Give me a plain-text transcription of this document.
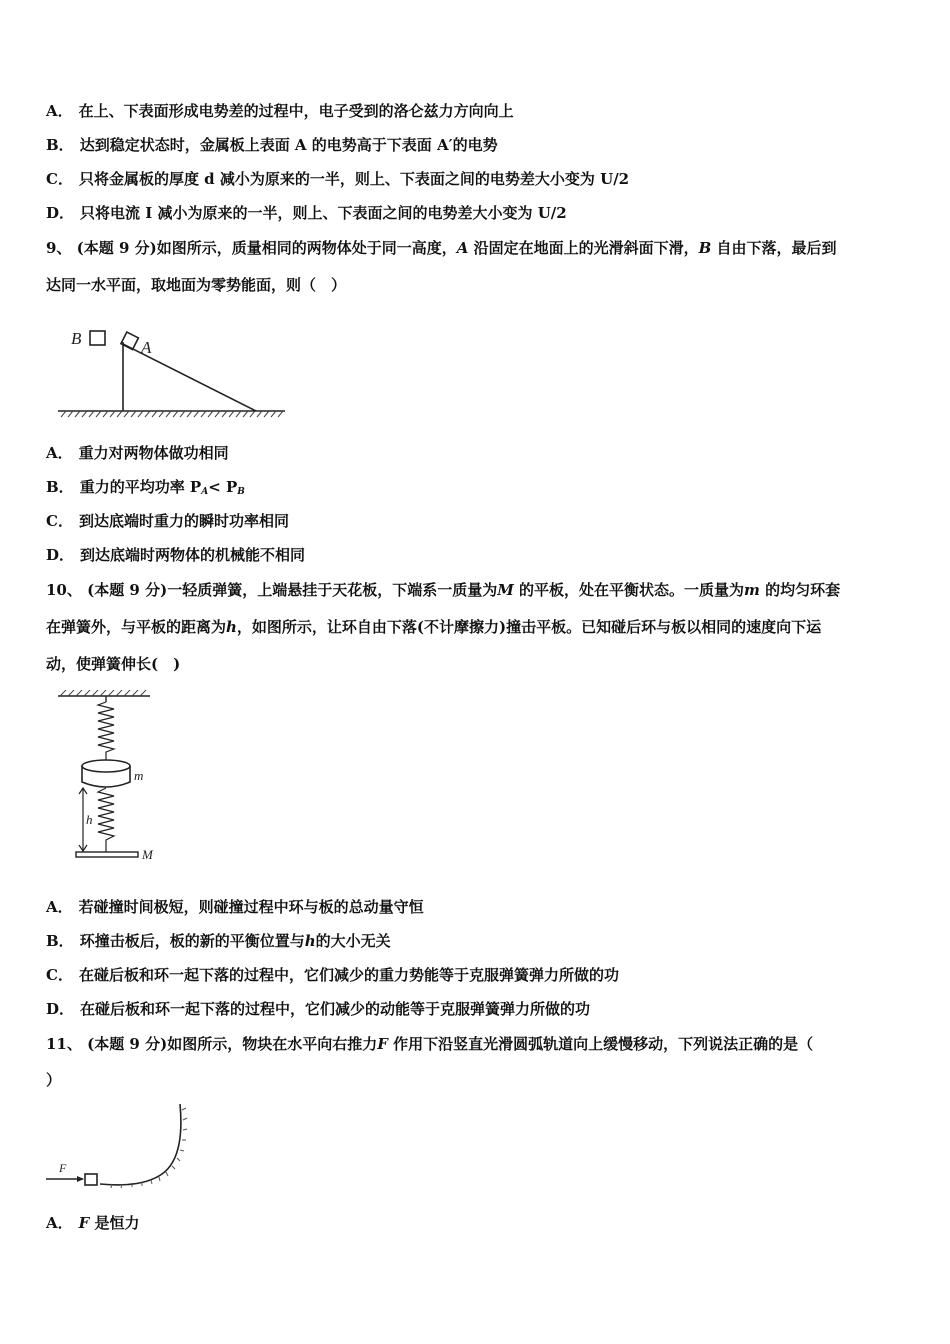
A． 在上、下表面形成电势差的过程中，电子受到的洛仑兹力方向向上
B． 达到稳定状态时，金属板上表面 A 的电势高于下表面 A′的电势
C． 只将金属板的厚度 d 减小为原来的一半，则上、下表面之间的电势差大小变为 U/2
D． 只将电流 I 减小为原来的一半，则上、下表面之间的电势差大小变为 U/2
9、 (本题 9 分)如图所示，质量相同的两物体处于同一高度，A 沿固定在地面上的光滑斜面下滑，B 自由下落，最后到
达同一水平面，取地面为零势能面，则（　）
B	A
A． 重力对两物体做功相同
B． 重力的平均功率 $P_A< P_B$
C． 到达底端时重力的瞬时功率相同
D． 到达底端时两物体的机械能不相同
10、 (本题 9 分)一轻质弹簧，上端悬挂于天花板，下端系一质量为M 的平板，处在平衡状态。一质量为m 的均匀环套
在弹簧外，与平板的距离为h，如图所示，让环自由下落(不计摩擦力)撞击平板。已知碰后环与板以相同的速度向下运
动，使弹簧伸长(　)
m
h
M
A． 若碰撞时间极短，则碰撞过程中环与板的总动量守恒
B． 环撞击板后，板的新的平衡位置与h的大小无关
C． 在碰后板和环一起下落的过程中，它们减少的重力势能等于克服弹簧弹力所做的功
D． 在碰后板和环一起下落的过程中，它们减少的动能等于克服弹簧弹力所做的功
11、 (本题 9 分)如图所示，物块在水平向右推力F 作用下沿竖直光滑圆弧轨道向上缓慢移动，下列说法正确的是（
）
F
A． F 是恒力
